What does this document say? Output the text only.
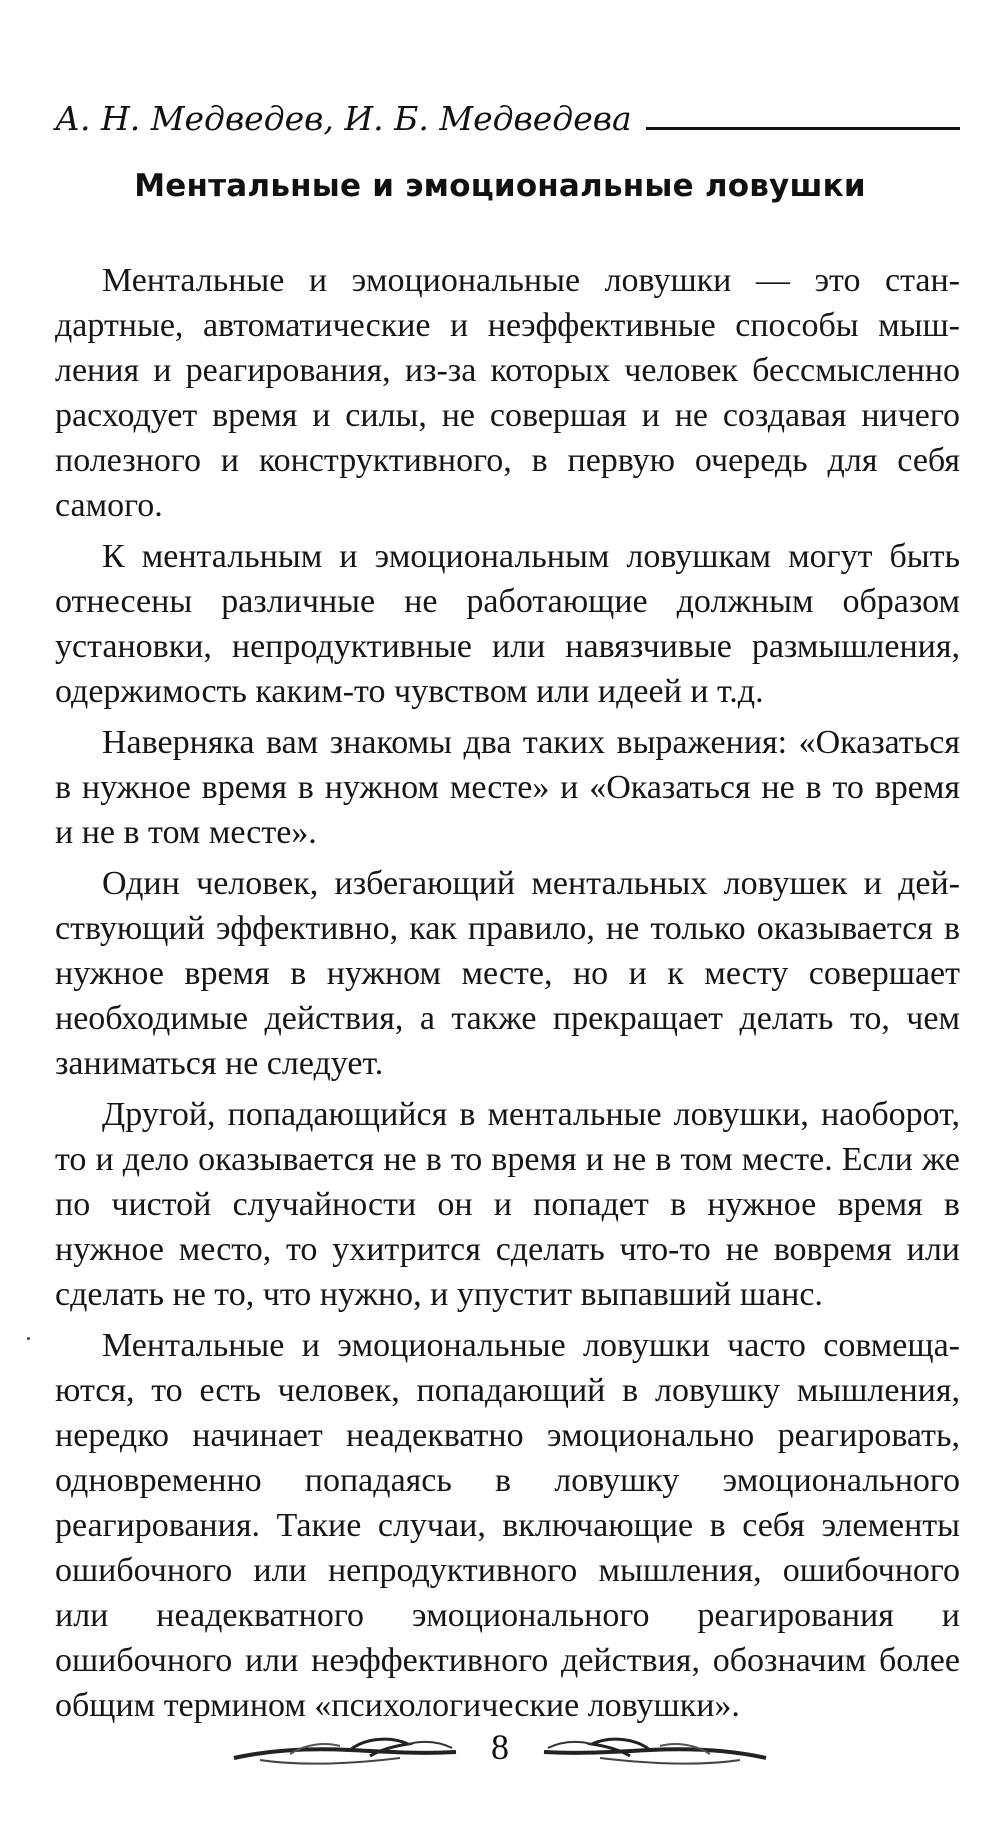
А. Н. Медведев, И. Б. Медведева
Ментальные и эмоциональные ловушки

Ментальные и эмоциональные ловушки — это стандартные, автоматические и неэффективные способы мышления и реагирования, из-за которых человек бессмысленно расходует время и силы, не совершая и не создавая ничего полезного и конструктивного, в первую очередь для себя самого.

К ментальным и эмоциональным ловушкам могут быть отнесены различные не работающие должным образом установки, непродуктивные или навязчивые размышления, одержимость каким-то чувством или идеей и т.д.

Наверняка вам знакомы два таких выражения: «Оказаться в нужное время в нужном месте» и «Оказаться не в то время и не в том месте».

Один человек, избегающий ментальных ловушек и действующий эффективно, как правило, не только оказывается в нужное время в нужном месте, но и к месту совершает необходимые действия, а также прекращает делать то, чем заниматься не следует.

Другой, попадающийся в ментальные ловушки, наоборот, то и дело оказывается не в то время и не в том месте. Если же по чистой случайности он и попадет в нужное время в нужное место, то ухитрится сделать что-то не вовремя или сделать не то, что нужно, и упустит выпавший шанс.

Ментальные и эмоциональные ловушки часто совмещаются, то есть человек, попадающий в ловушку мышления, нередко начинает неадекватно эмоционально реагировать, одновременно попадаясь в ловушку эмоционального реагирования. Такие случаи, включающие в себя элементы ошибочного или непродуктивного мышления, ошибочного или неадекватного эмоционального реагирования и ошибочного или неэффективного действия, обозначим более общим термином «психологические ловушки».

8
